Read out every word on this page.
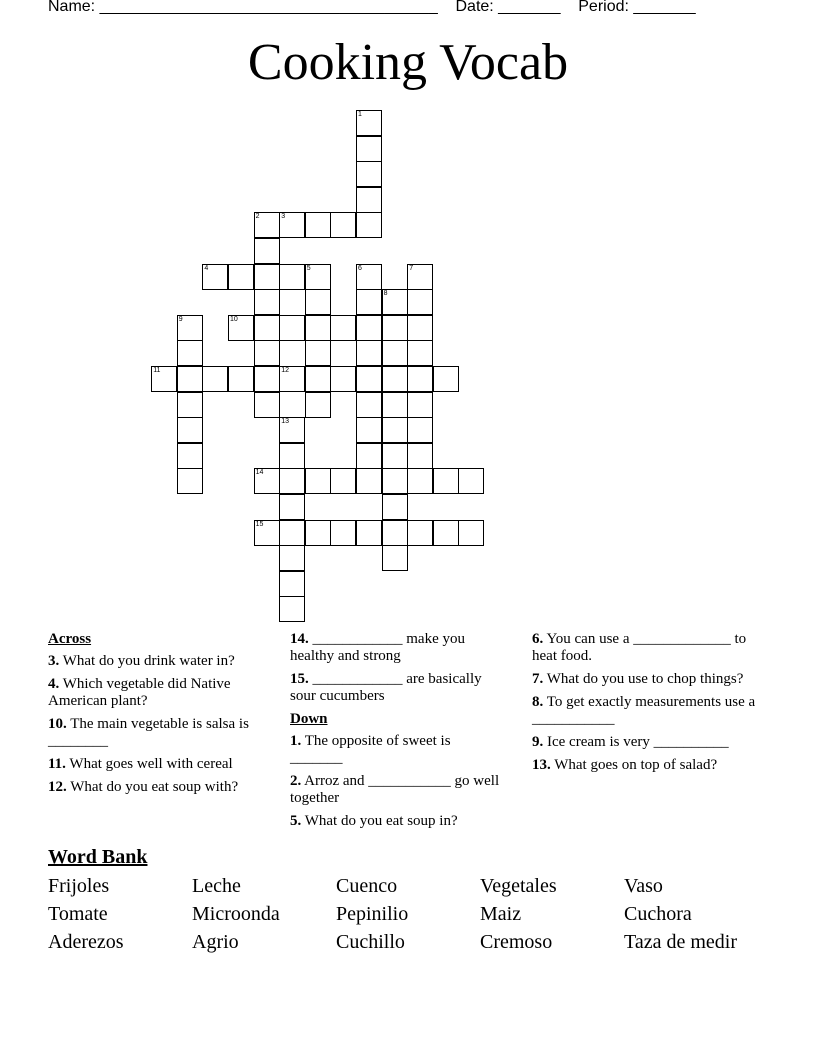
Name: ______________________________________    Date: _______    Period: _______
Cooking Vocab
1
2	3
4	5	6	7
8
9	10
11	12
13
14
15
Across
3. What do you drink water in?
4. Which vegetable did Native American plant?
10. The main vegetable is salsa is ________
11. What goes well with cereal
12. What do you eat soup with?
14. ____________ make you healthy and strong
15. ____________ are basically sour cucumbers
Down
1. The opposite of sweet is _______
2. Arroz and ___________ go well together
5. What do you eat soup in?
6. You can use a _____________ to heat food.
7. What do you use to chop things?
8. To get exactly measurements use a ___________
9. Ice cream is very __________
13. What goes on top of salad?
Word Bank
Frijoles	Leche	Cuenco	Vegetales	Vaso
Tomate	Microonda	Pepinilio	Maiz	Cuchora
Aderezos	Agrio	Cuchillo	Cremoso	Taza de medir
